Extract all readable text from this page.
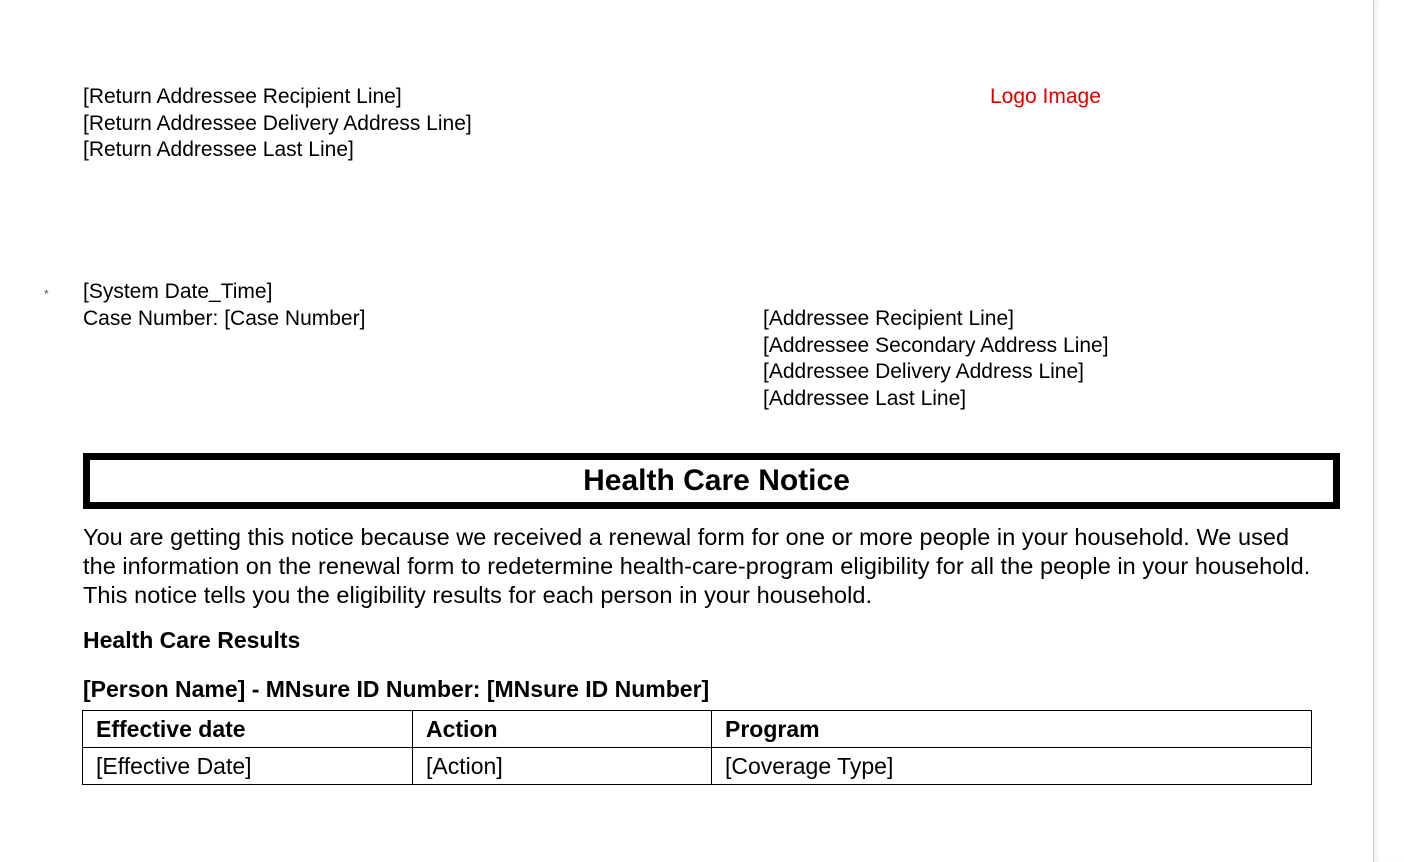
[Return Addressee Recipient Line]
[Return Addressee Delivery Address Line]
[Return Addressee Last Line]
Logo Image
* [System Date_Time]
Case Number: [Case Number]	[Addressee Recipient Line]
[Addressee Secondary Address Line]
[Addressee Delivery Address Line]
[Addressee Last Line]
Health Care Notice
You are getting this notice because we received a renewal form for one or more people in your household. We used the information on the renewal form to redetermine health-care-program eligibility for all the people in your household. This notice tells you the eligibility results for each person in your household.
Health Care Results
[Person Name] - MNsure ID Number: [MNsure ID Number]
Effective date	Action	Program
[Effective Date]	[Action]	[Coverage Type]
